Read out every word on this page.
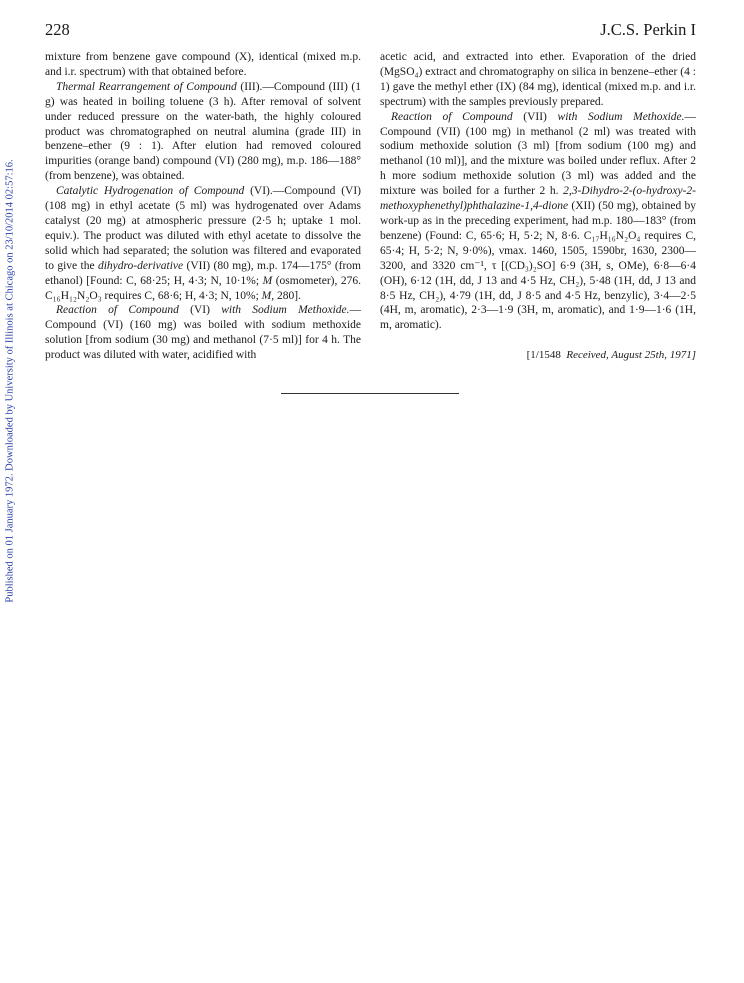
228	J.C.S. Perkin I
Published on 01 January 1972. Downloaded by University of Illinois at Chicago on 23/10/2014 02:57:16.

mixture from benzene gave compound (X), identical (mixed m.p. and i.r. spectrum) with that obtained before.

Thermal Rearrangement of Compound (III).—Compound (III) (1 g) was heated in boiling toluene (3 h). After removal of solvent under reduced pressure on the water-bath, the highly coloured product was chromatographed on neutral alumina (grade III) in benzene–ether (9 : 1). After elution had removed coloured impurities (orange band) compound (VI) (280 mg), m.p. 186—188° (from benzene), was obtained.

Catalytic Hydrogenation of Compound (VI).—Compound (VI) (108 mg) in ethyl acetate (5 ml) was hydrogenated over Adams catalyst (20 mg) at atmospheric pressure (2·5 h; uptake 1 mol. equiv.). The product was diluted with ethyl acetate to dissolve the solid which had separated; the solution was filtered and evaporated to give the dihydro-derivative (VII) (80 mg), m.p. 174—175° (from ethanol) [Found: C, 68·25; H, 4·3; N, 10·1%; M (osmometer), 276. C₁₆H₁₂N₂O₃ requires C, 68·6; H, 4·3; N, 10%; M, 280].

Reaction of Compound (VI) with Sodium Methoxide.—Compound (VI) (160 mg) was boiled with sodium methoxide solution [from sodium (30 mg) and methanol (7·5 ml)] for 4 h. The product was diluted with water, acidified with

acetic acid, and extracted into ether. Evaporation of the dried (MgSO₄) extract and chromatography on silica in benzene–ether (4 : 1) gave the methyl ether (IX) (84 mg), identical (mixed m.p. and i.r. spectrum) with the samples previously prepared.

Reaction of Compound (VII) with Sodium Methoxide.—Compound (VII) (100 mg) in methanol (2 ml) was treated with sodium methoxide solution (3 ml) [from sodium (100 mg) and methanol (10 ml)], and the mixture was boiled under reflux. After 2 h more sodium methoxide solution (3 ml) was added and the mixture was boiled for a further 2 h. 2,3-Dihydro-2-(o-hydroxy-2-methoxyphenethyl)phthalazine-1,4-dione (XII) (50 mg), obtained by work-up as in the preceding experiment, had m.p. 180—183° (from benzene) (Found: C, 65·6; H, 5·2; N, 8·6. C₁₇H₁₆N₂O₄ requires C, 65·4; H, 5·2; N, 9·0%), νmax. 1460, 1505, 1590br, 1630, 2300—3200, and 3320 cm⁻¹, τ [(CD₃)₂SO] 6·9 (3H, s, OMe), 6·8—6·4 (OH), 6·12 (1H, dd, J 13 and 4·5 Hz, CH₂), 5·48 (1H, dd, J 13 and 8·5 Hz, CH₂), 4·79 (1H, dd, J 8·5 and 4·5 Hz, benzylic), 3·4—2·5 (4H, m, aromatic), 2·3—1·9 (3H, m, aromatic), and 1·9—1·6 (1H, m, aromatic).

[1/1548 Received, August 25th, 1971]
